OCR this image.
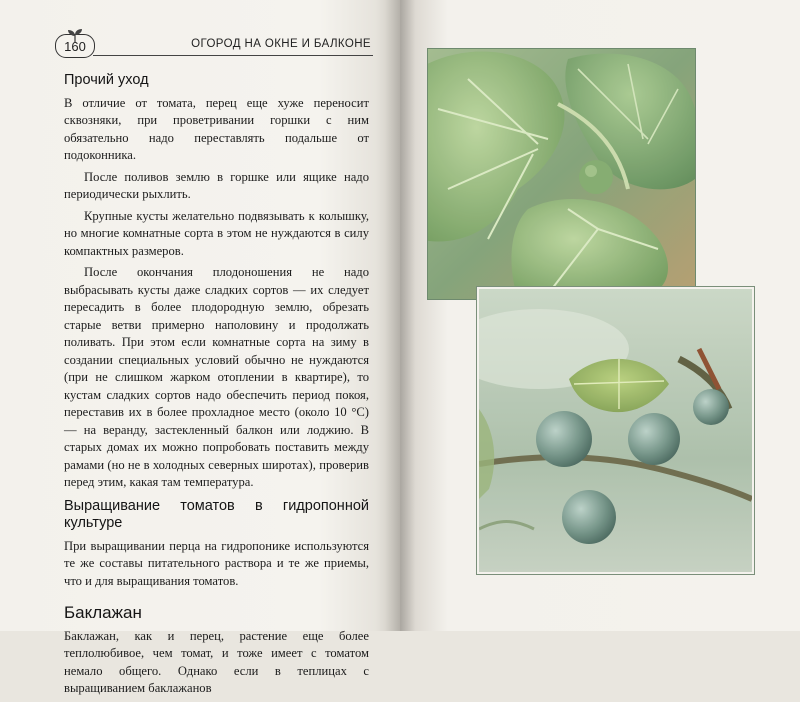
160	ОГОРОД НА ОКНЕ И БАЛКОНЕ
Прочий уход

В отличие от томата, перец еще хуже переносит сквозняки, при проветривании горшки с ним обязательно надо переставлять подальше от подоконника.

После поливов землю в горшке или ящике надо периодически рыхлить.

Крупные кусты желательно подвязывать к колышку, но многие комнатные сорта в этом не нуждаются в силу компактных размеров.

После окончания плодоношения не надо выбрасывать кусты даже сладких сортов — их следует пересадить в более плодородную землю, обрезать старые ветви примерно наполовину и продолжать поливать. При этом если комнатные сорта на зиму в создании специальных условий обычно не нуждаются (при не слишком жарком отоплении в квартире), то кустам сладких сортов надо обеспечить период покоя, переставив их в более прохладное место (около 10 °С) — на веранду, застекленный балкон или лоджию. В старых домах их можно попробовать поставить между рамами (но не в холодных северных широтах), проверив перед этим, какая там температура.

Выращивание томатов в гидропонной культуре

При выращивании перца на гидропонике используются те же составы питательного раствора и те же приемы, что и для выращивания томатов.

Баклажан

Баклажан, как и перец, растение еще более теплолюбивое, чем томат, и тоже имеет с томатом немало общего. Однако если в теплицах с выращиванием баклажанов
